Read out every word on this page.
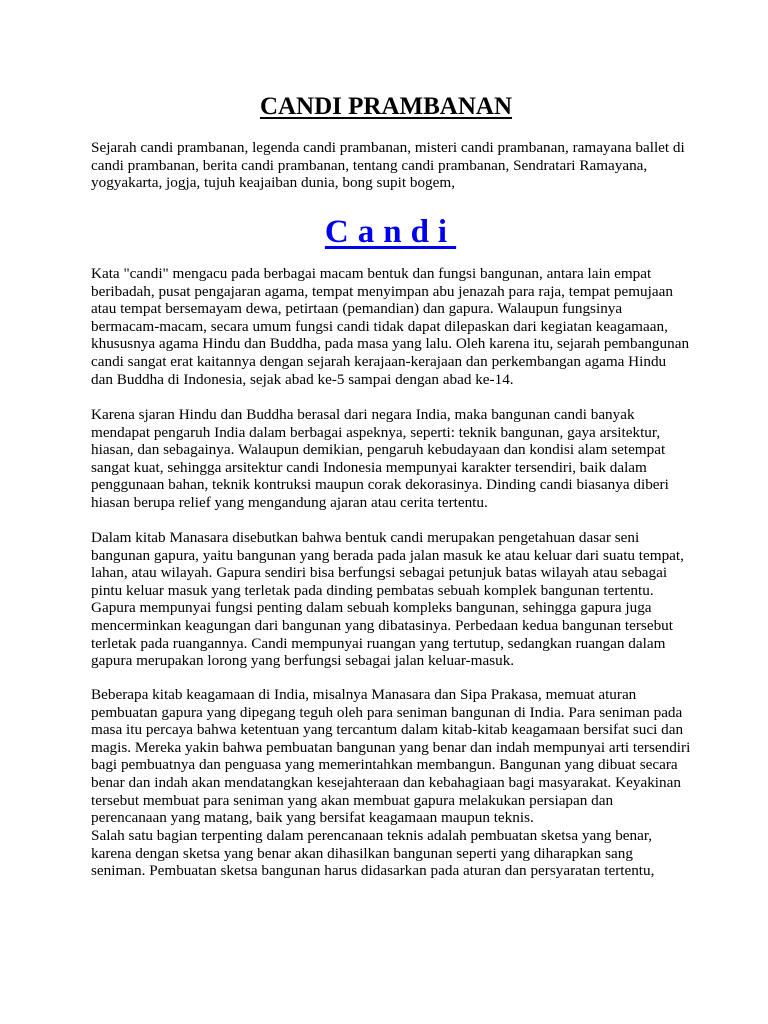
CANDI PRAMBANAN

Sejarah candi prambanan, legenda candi prambanan, misteri candi prambanan, ramayana ballet di candi prambanan, berita candi prambanan, tentang candi prambanan, Sendratari Ramayana, yogyakarta, jogja, tujuh keajaiban dunia, bong supit bogem,

Candi

Kata "candi" mengacu pada berbagai macam bentuk dan fungsi bangunan, antara lain empat beribadah, pusat pengajaran agama, tempat menyimpan abu jenazah para raja, tempat pemujaan atau tempat bersemayam dewa, petirtaan (pemandian) dan gapura. Walaupun fungsinya bermacam-macam, secara umum fungsi candi tidak dapat dilepaskan dari kegiatan keagamaan, khususnya agama Hindu dan Buddha, pada masa yang lalu. Oleh karena itu, sejarah pembangunan candi sangat erat kaitannya dengan sejarah kerajaan-kerajaan dan perkembangan agama Hindu dan Buddha di Indonesia, sejak abad ke-5 sampai dengan abad ke-14.

Karena sjaran Hindu dan Buddha berasal dari negara India, maka bangunan candi banyak mendapat pengaruh India dalam berbagai aspeknya, seperti: teknik bangunan, gaya arsitektur, hiasan, dan sebagainya. Walaupun demikian, pengaruh kebudayaan dan kondisi alam setempat sangat kuat, sehingga arsitektur candi Indonesia mempunyai karakter tersendiri, baik dalam penggunaan bahan, teknik kontruksi maupun corak dekorasinya. Dinding candi biasanya diberi hiasan berupa relief yang mengandung ajaran atau cerita tertentu.

Dalam kitab Manasara disebutkan bahwa bentuk candi merupakan pengetahuan dasar seni bangunan gapura, yaitu bangunan yang berada pada jalan masuk ke atau keluar dari suatu tempat, lahan, atau wilayah. Gapura sendiri bisa berfungsi sebagai petunjuk batas wilayah atau sebagai pintu keluar masuk yang terletak pada dinding pembatas sebuah komplek bangunan tertentu. Gapura mempunyai fungsi penting dalam sebuah kompleks bangunan, sehingga gapura juga mencerminkan keagungan dari bangunan yang dibatasinya. Perbedaan kedua bangunan tersebut terletak pada ruangannya. Candi mempunyai ruangan yang tertutup, sedangkan ruangan dalam gapura merupakan lorong yang berfungsi sebagai jalan keluar-masuk.

Beberapa kitab keagamaan di India, misalnya Manasara dan Sipa Prakasa, memuat aturan pembuatan gapura yang dipegang teguh oleh para seniman bangunan di India. Para seniman pada masa itu percaya bahwa ketentuan yang tercantum dalam kitab-kitab keagamaan bersifat suci dan magis. Mereka yakin bahwa pembuatan bangunan yang benar dan indah mempunyai arti tersendiri bagi pembuatnya dan penguasa yang memerintahkan membangun. Bangunan yang dibuat secara benar dan indah akan mendatangkan kesejahteraan dan kebahagiaan bagi masyarakat. Keyakinan tersebut membuat para seniman yang akan membuat gapura melakukan persiapan dan perencanaan yang matang, baik yang bersifat keagamaan maupun teknis.

Salah satu bagian terpenting dalam perencanaan teknis adalah pembuatan sketsa yang benar, karena dengan sketsa yang benar akan dihasilkan bangunan seperti yang diharapkan sang seniman. Pembuatan sketsa bangunan harus didasarkan pada aturan dan persyaratan tertentu,
